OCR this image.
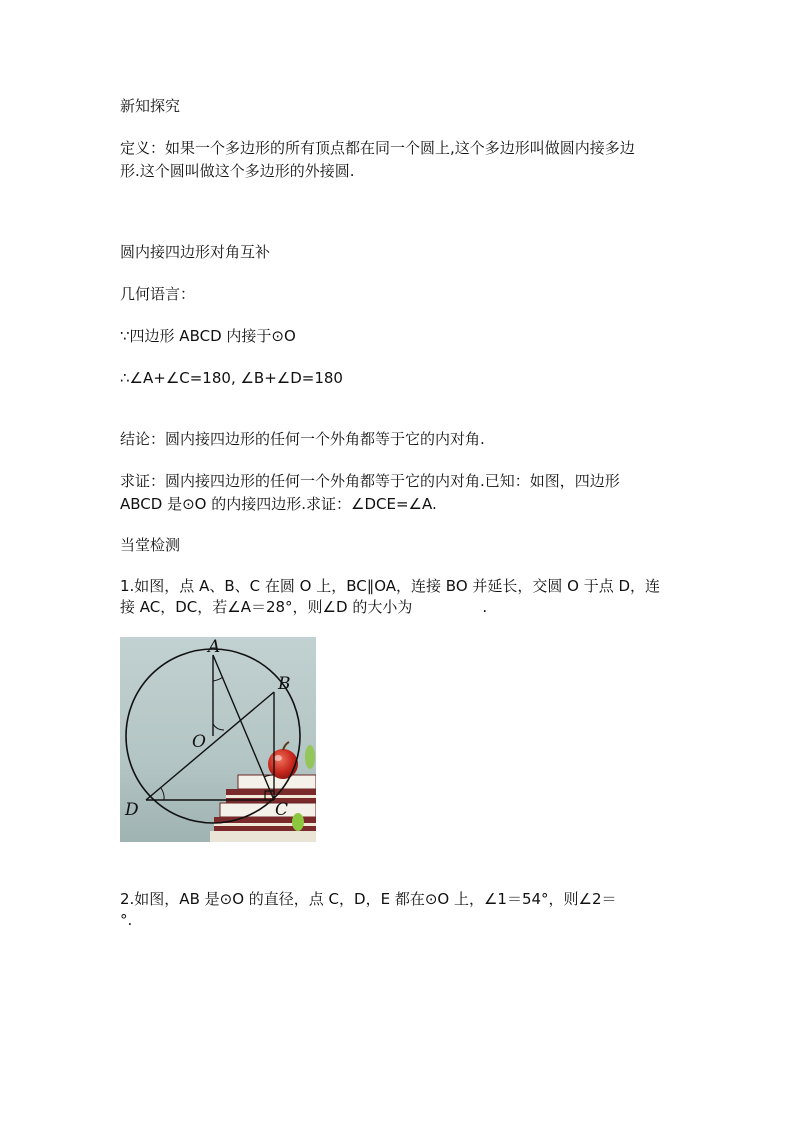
新知探究
定义：如果一个多边形的所有顶点都在同一个圆上,这个多边形叫做圆内接多边
形.这个圆叫做这个多边形的外接圆.
圆内接四边形对角互补
几何语言：
∵四边形 ABCD 内接于⊙O
∴∠A+∠C=180, ∠B+∠D=180
结论：圆内接四边形的任何一个外角都等于它的内对角.
求证：圆内接四边形的任何一个外角都等于它的内对角.已知：如图，四边形
ABCD 是⊙O 的内接四边形.求证：∠DCE=∠A.
当堂检测
1.如图，点 A、B、C 在圆 O 上，BC∥OA，连接 BO 并延长，交圆 O 于点 D，连
接 AC，DC，若∠A＝28°，则∠D 的大小为	.
A
B
O
C
D
2.如图，AB 是⊙O 的直径，点 C，D，E 都在⊙O 上，∠1＝54°，则∠2＝
°.
